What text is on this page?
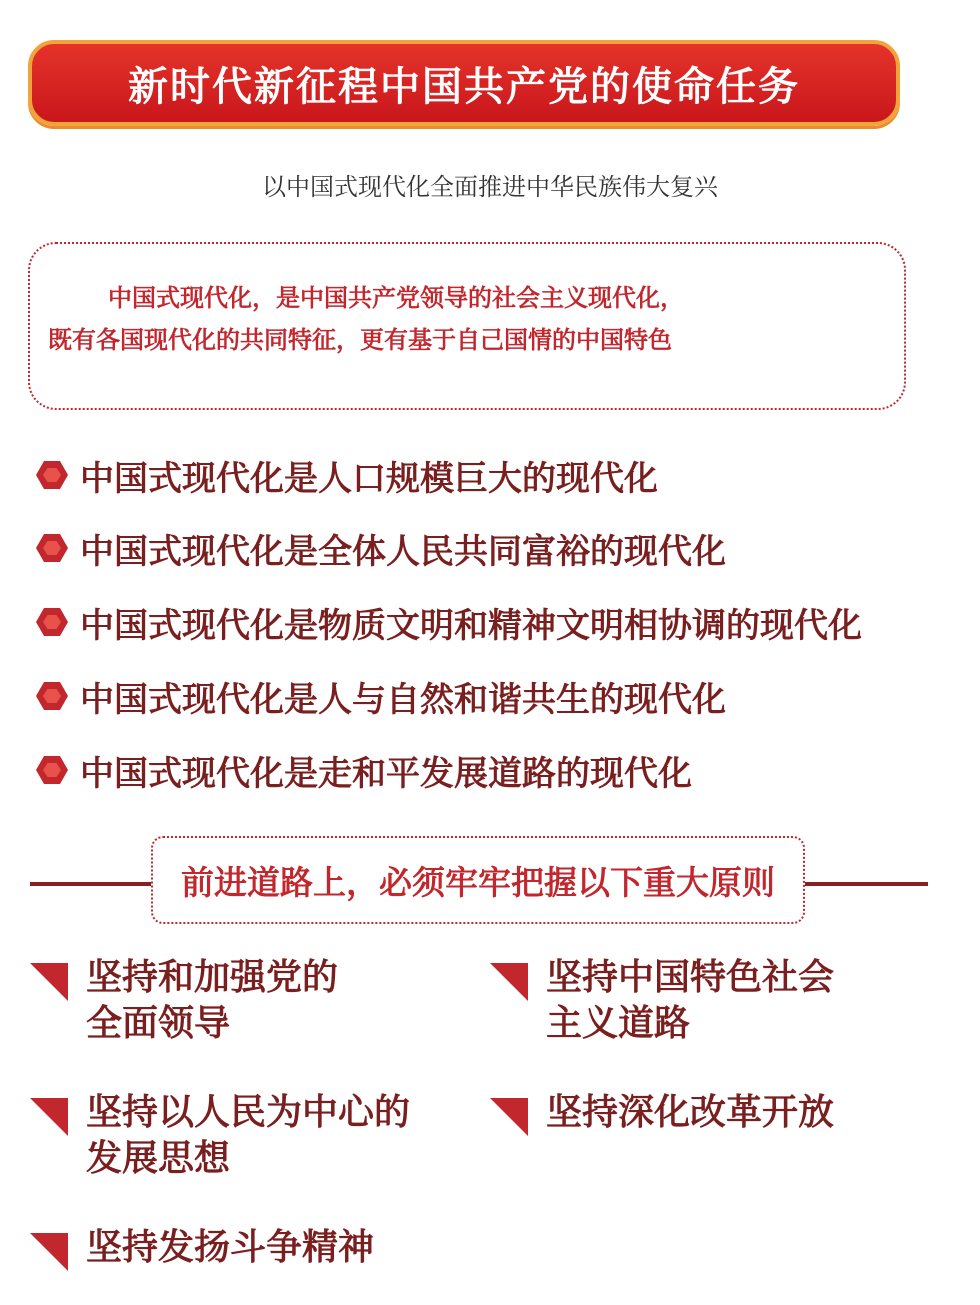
新时代新征程中国共产党的使命任务
以中国式现代化全面推进中华民族伟大复兴
中国式现代化，是中国共产党领导的社会主义现代化，
既有各国现代化的共同特征，更有基于自己国情的中国特色
中国式现代化是人口规模巨大的现代化
中国式现代化是全体人民共同富裕的现代化
中国式现代化是物质文明和精神文明相协调的现代化
中国式现代化是人与自然和谐共生的现代化
中国式现代化是走和平发展道路的现代化
前进道路上，必须牢牢把握以下重大原则
坚持和加强党的
全面领导
坚持中国特色社会
主义道路
坚持以人民为中心的
发展思想
坚持深化改革开放
坚持发扬斗争精神
